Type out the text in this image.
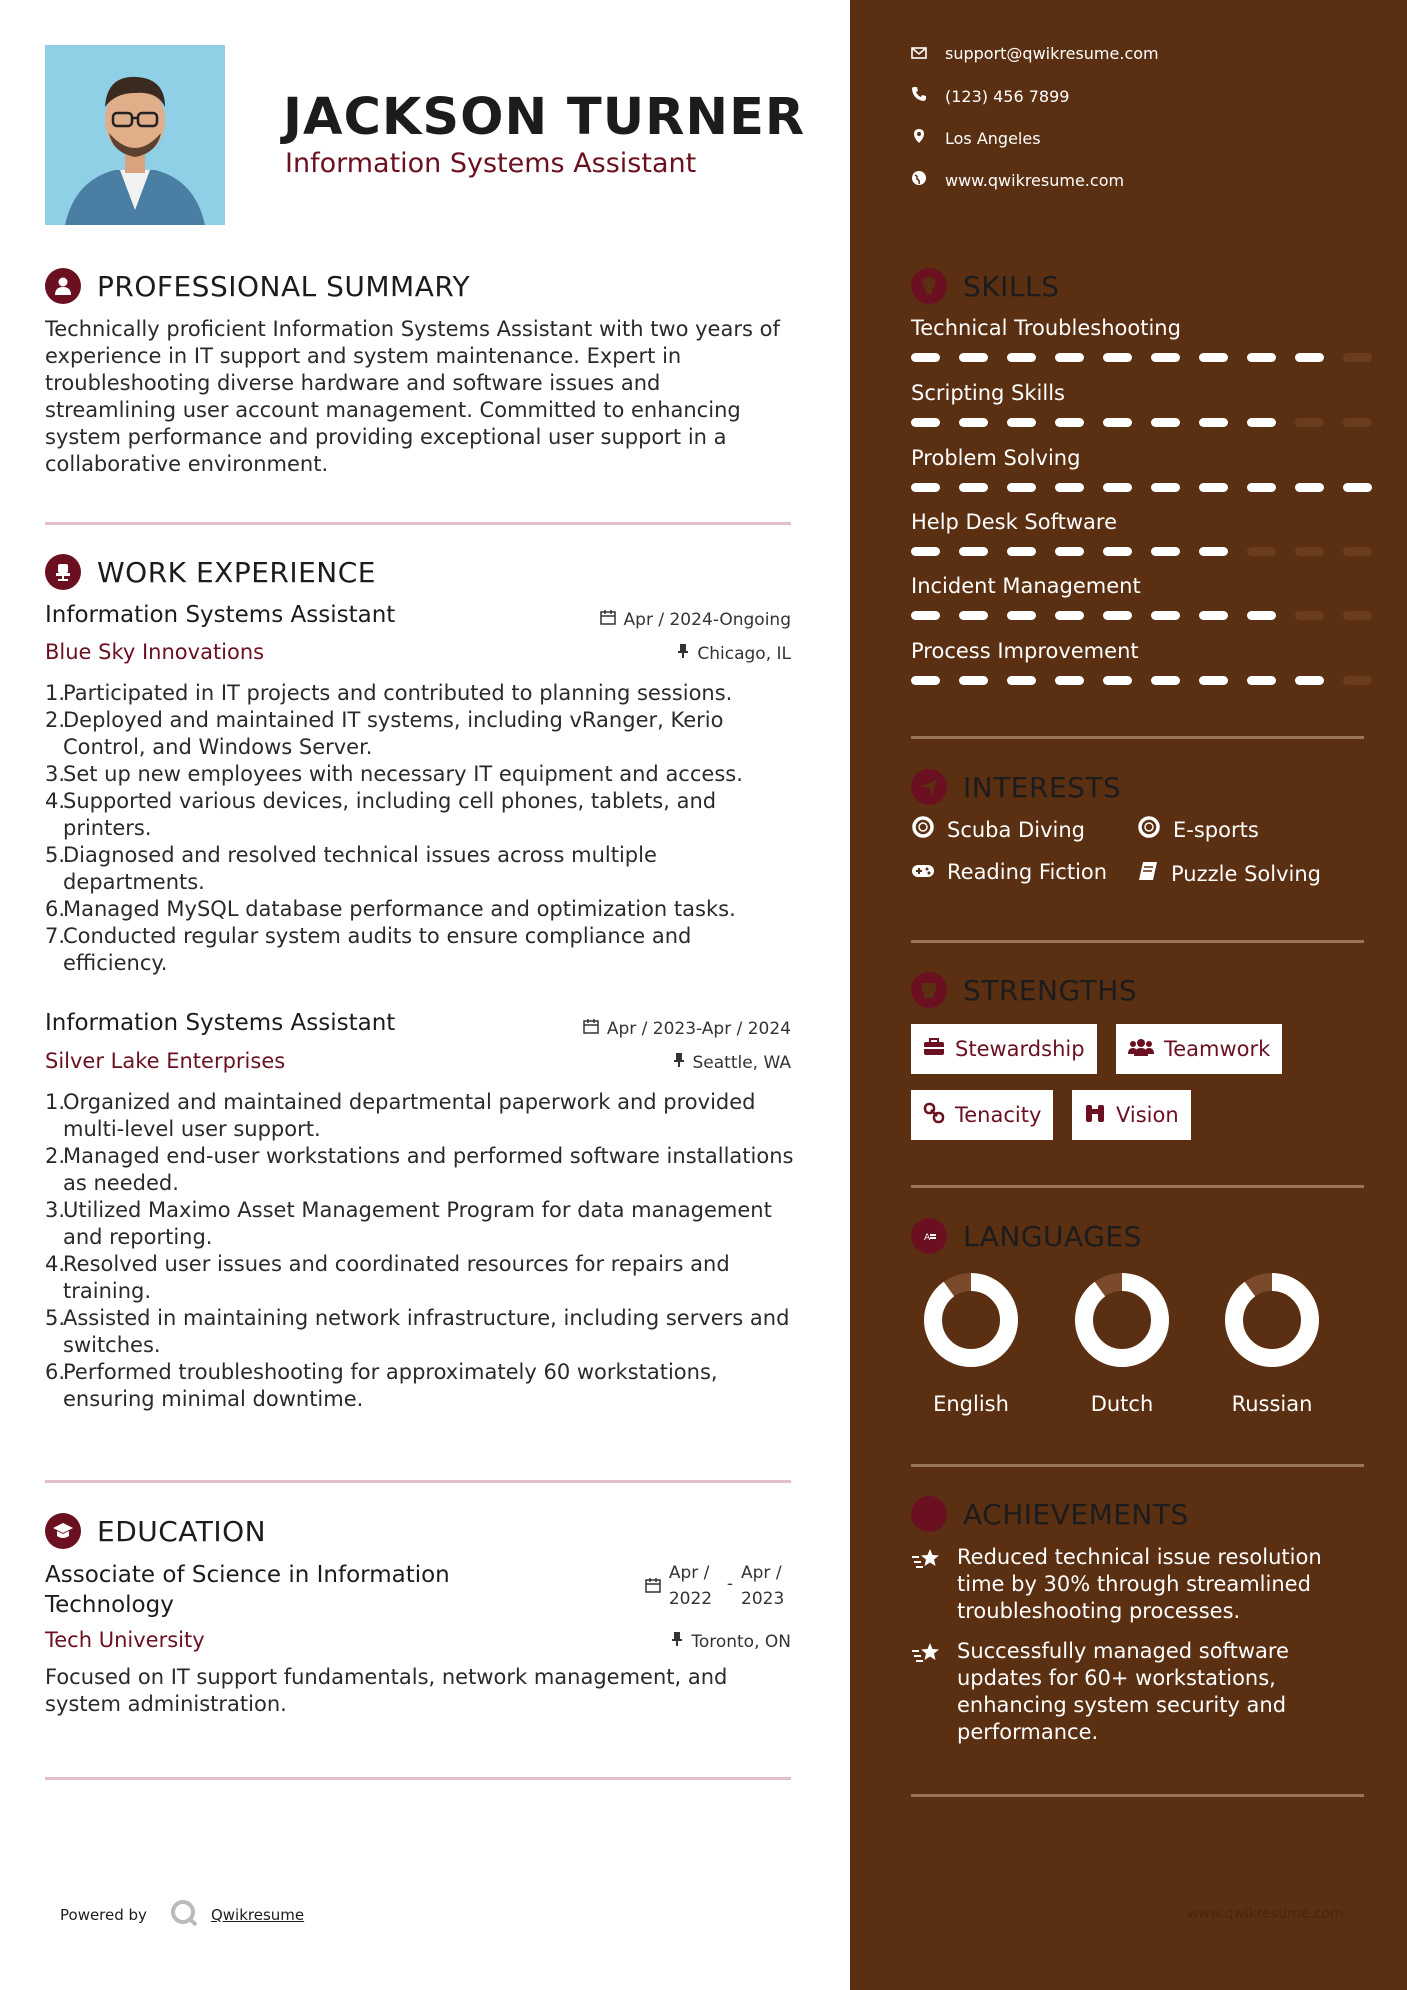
JACKSON TURNER
Information Systems Assistant
PROFESSIONAL SUMMARY
Technically proficient Information Systems Assistant with two years of experience in IT support and system maintenance. Expert in troubleshooting diverse hardware and software issues and streamlining user account management. Committed to enhancing system performance and providing exceptional user support in a collaborative environment.
WORK EXPERIENCE
Information Systems Assistant	Apr / 2024-Ongoing
Blue Sky Innovations	Chicago, IL
1.
Participated in IT projects and contributed to planning sessions.
2.
Deployed and maintained IT systems, including vRanger, Kerio Control, and Windows Server.
3.
Set up new employees with necessary IT equipment and access.
4.
Supported various devices, including cell phones, tablets, and printers.
5.
Diagnosed and resolved technical issues across multiple departments.
6.
Managed MySQL database performance and optimization tasks.
7.
Conducted regular system audits to ensure compliance and efficiency.
Information Systems Assistant	Apr / 2023-Apr / 2024
Silver Lake Enterprises	Seattle, WA
1.
Organized and maintained departmental paperwork and provided multi-level user support.
2.
Managed end-user workstations and performed software installations as needed.
3.
Utilized Maximo Asset Management Program for data management and reporting.
4.
Resolved user issues and coordinated resources for repairs and training.
5.
Assisted in maintaining network infrastructure, including servers and switches.
6.
Performed troubleshooting for approximately 60 workstations, ensuring minimal downtime.
EDUCATION
Associate of Science in Information
Technology
Apr /
2022
-
Apr /
2023
Tech University	Toronto, ON
Focused on IT support fundamentals, network management, and system administration.
Powered by	Qwikresume
support@qwikresume.com
(123) 456 7899
Los Angeles
www.qwikresume.com
SKILLS
Technical Troubleshooting
Scripting Skills
Problem Solving
Help Desk Software
Incident Management
Process Improvement
INTERESTS
Scuba Diving	E-sports
Reading Fiction	Puzzle Solving
STRENGTHS
Stewardship	Teamwork
Tenacity	Vision
A LANGUAGES
English	Dutch	Russian
ACHIEVEMENTS
Reduced technical issue resolution time by 30% through streamlined troubleshooting processes.
Successfully managed software updates for 60+ workstations, enhancing system security and performance.
www.qwikresume.com
